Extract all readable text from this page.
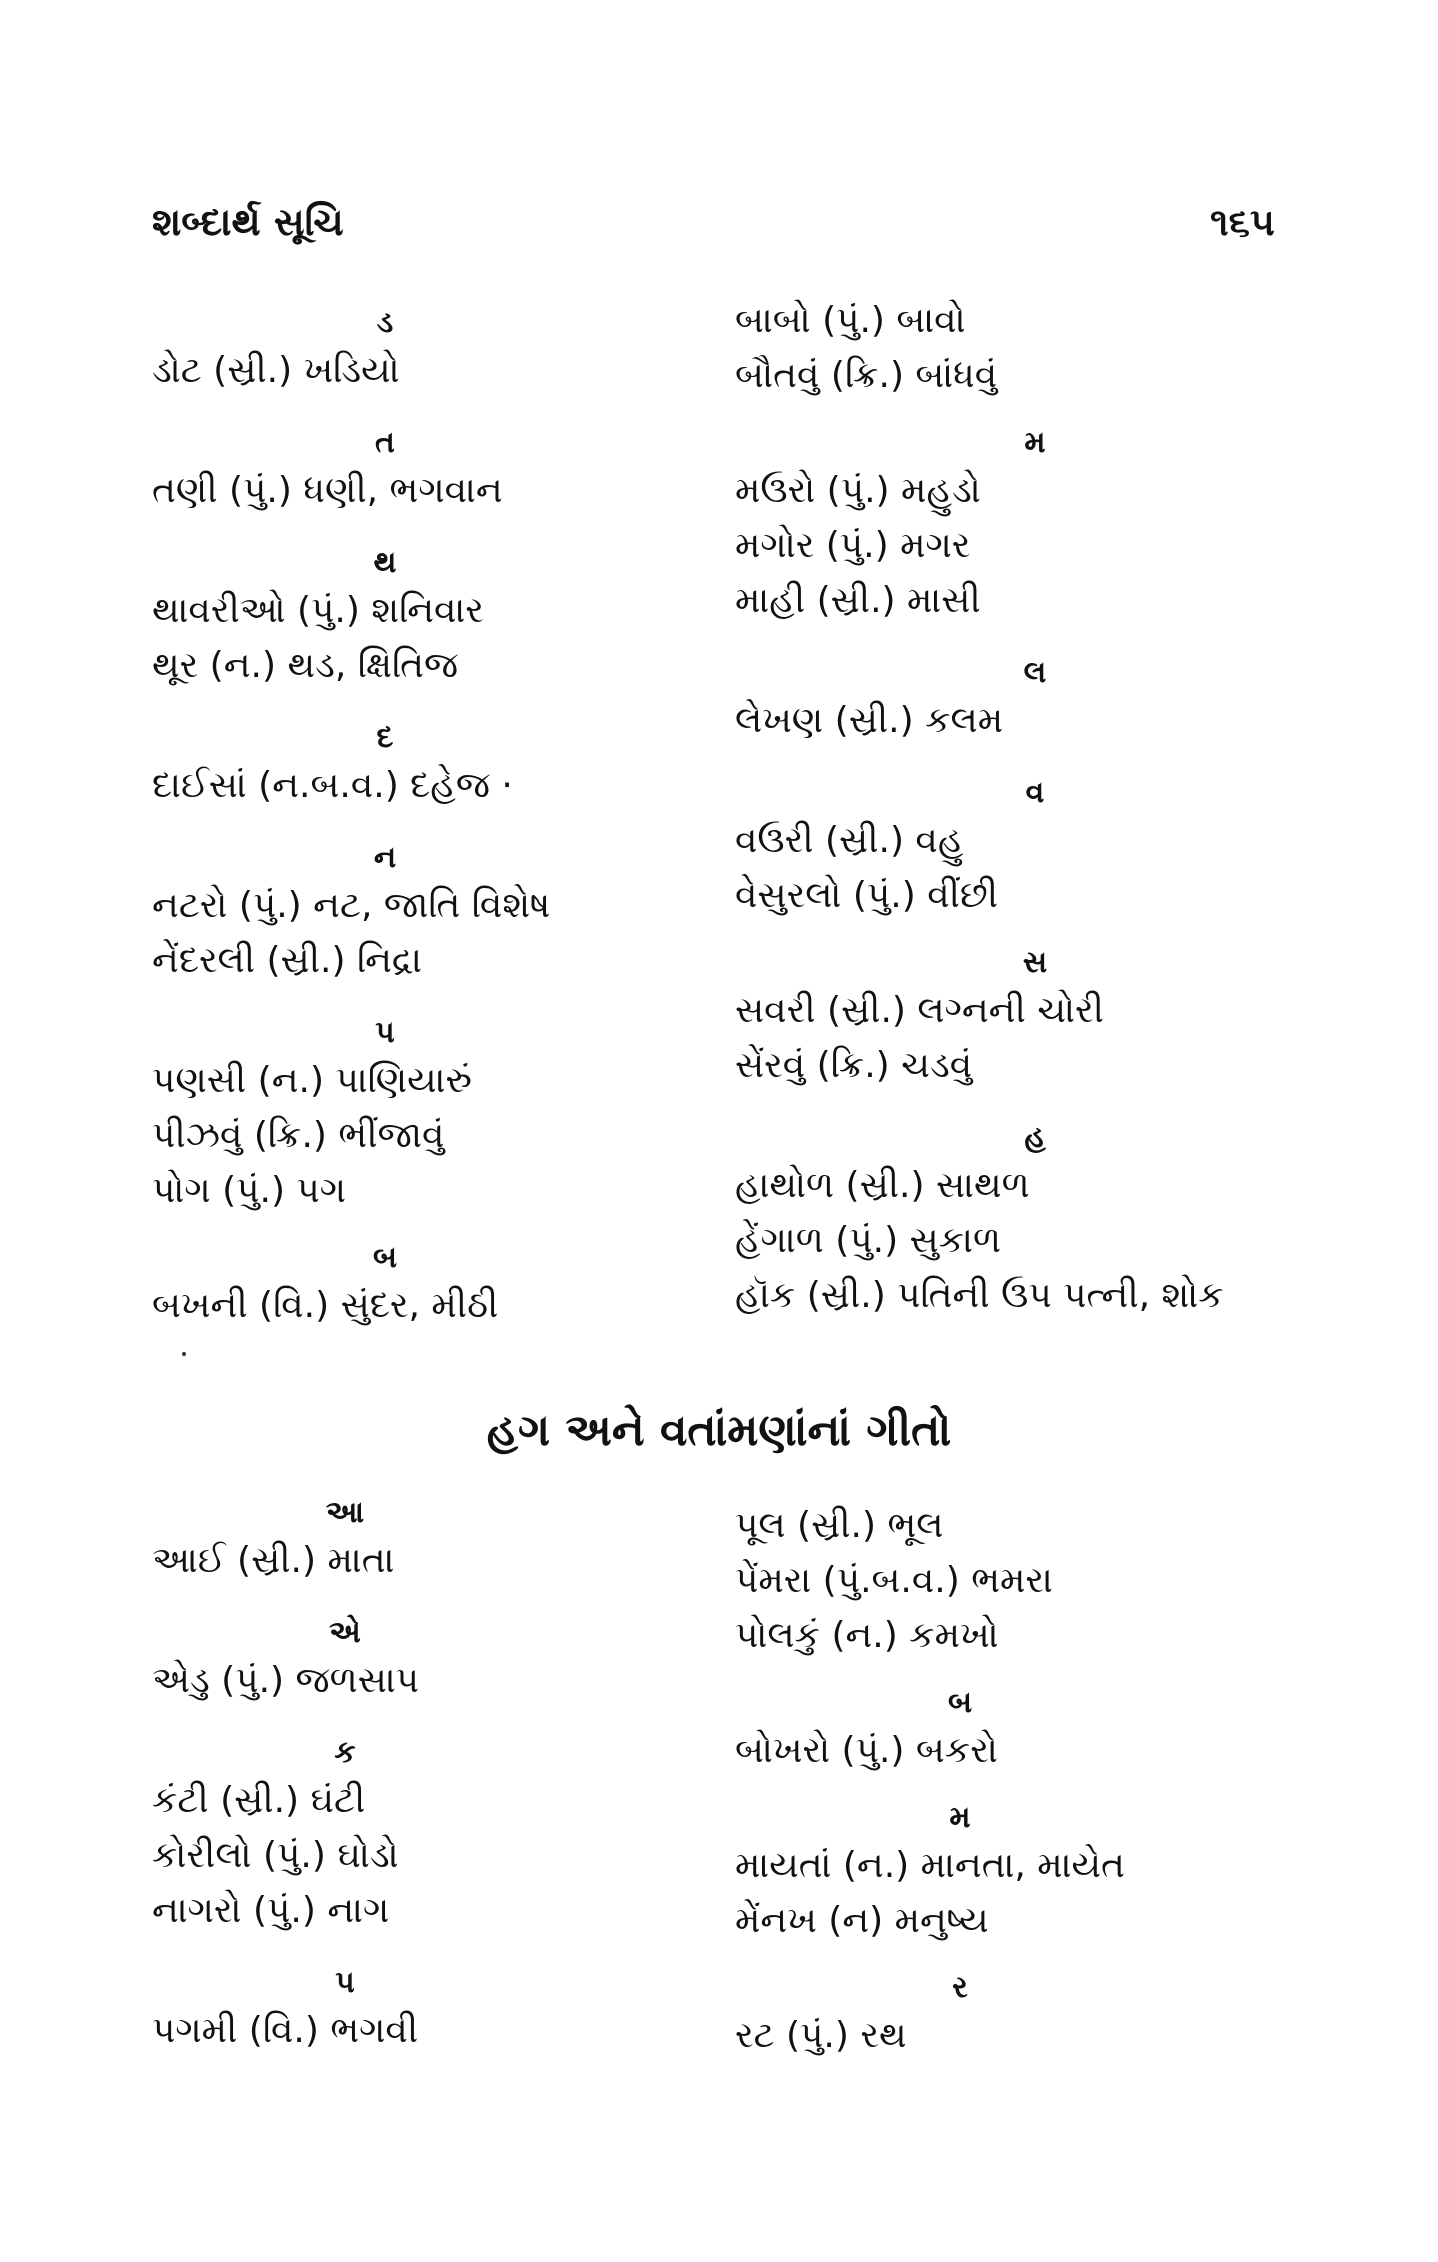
શબ્દાર્થ સૂચિ	૧૬૫
ડ
ડોટ (સ્રી.) ખડિયો
ત
તણી (પું.) ધણી, ભગવાન
થ
થાવરીઓ (પું.) શનિવાર
થૂર (ન.) થડ, ક્ષિતિજ
દ
દાઈસાં (ન.બ.વ.) દહેજ ·
ન
નટરો (પું.) નટ, જાતિ વિશેષ
નેંદરલી (સ્રી.) નિદ્રા
પ
પણસી (ન.) પાણિયારું
પીઝવું (ક્રિ.) ભીંજાવું
પોગ (પું.) પગ
બ
બખની (વિ.) સુંદર, મીઠી
બાબો (પું.) બાવો
બૌતવું (ક્રિ.) બાંધવું
મ
મઉરો (પું.) મહુડો
મગોર (પું.) મગર
માહી (સ્રી.) માસી
લ
લેખણ (સ્રી.) કલમ
વ
વઉરી (સ્રી.) વહુ
વેસુરલો (પું.) વીંછી
સ
સવરી (સ્રી.) લગ્નની ચોરી
સેંરવું (ક્રિ.) ચડવું
હ
હાથોળ (સ્રી.) સાથળ
હેંગાળ (પું.) સુકાળ
હૉક (સ્રી.) પતિની ઉપ પત્ની, શોક
હગ અને વતાંમણાંનાં ગીતો
આ
આઈ (સ્રી.) માતા
એ
એડુ (પું.) જળસાપ
ક
કંટી (સ્રી.) ઘંટી
કોરીલો (પું.) ઘોડો
નાગરો (પું.) નાગ
પ
પગમી (વિ.) ભગવી
પૂલ (સ્રી.) ભૂલ
પેંમરા (પું.બ.વ.) ભમરા
પોલકું (ન.) કમખો
બ
બોખરો (પું.) બકરો
મ
માયતાં (ન.) માનતા, માયેત
મેંનખ (ન) મનુષ્ય
ર
રટ (પું.) રથ
